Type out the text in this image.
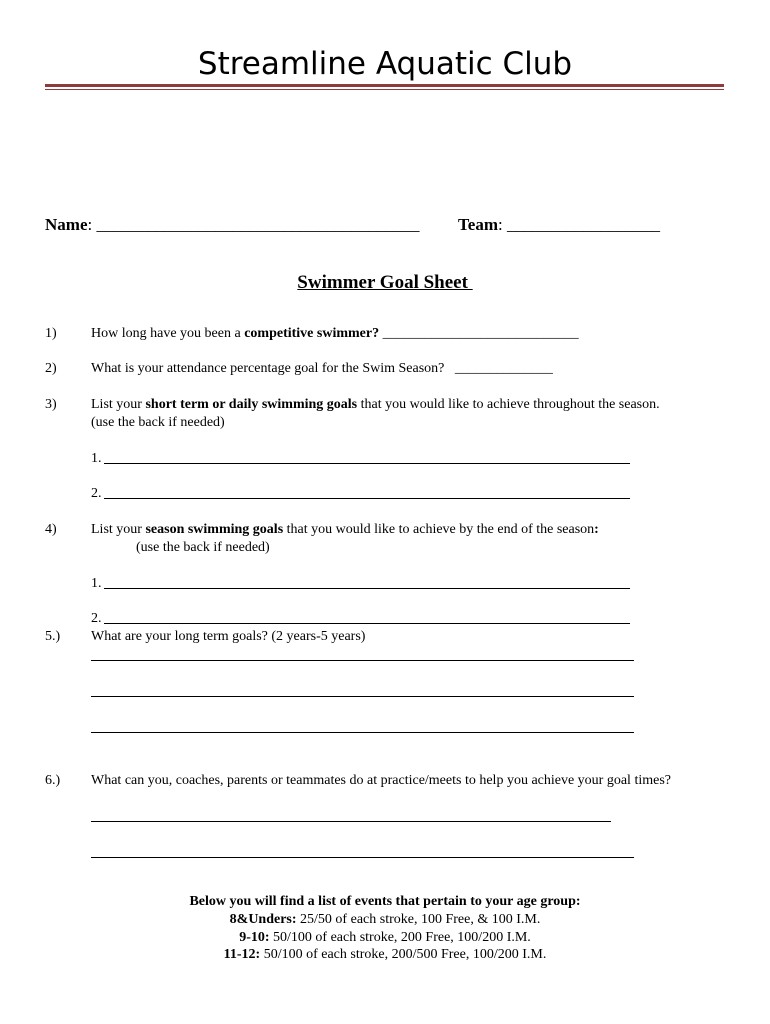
Streamline Aquatic Club
Name: ______________________________________ Team: __________________
Swimmer Goal Sheet
1) How long have you been a competitive swimmer? ____________________________
2) What is your attendance percentage goal for the Swim Season?   ______________
3) List your short term or daily swimming goals that you would like to achieve throughout the season.
(use the back if needed)
1.
2.
4) List your season swimming goals that you would like to achieve by the end of the season:
(use the back if needed)
1.
2.
5.) What are your long term goals? (2 years-5 years)
6.) What can you, coaches, parents or teammates do at practice/meets to help you achieve your goal times?
Below you will find a list of events that pertain to your age group:
8&Unders: 25/50 of each stroke, 100 Free, & 100 I.M.
9-10: 50/100 of each stroke, 200 Free, 100/200 I.M.
11-12: 50/100 of each stroke, 200/500 Free, 100/200 I.M.
